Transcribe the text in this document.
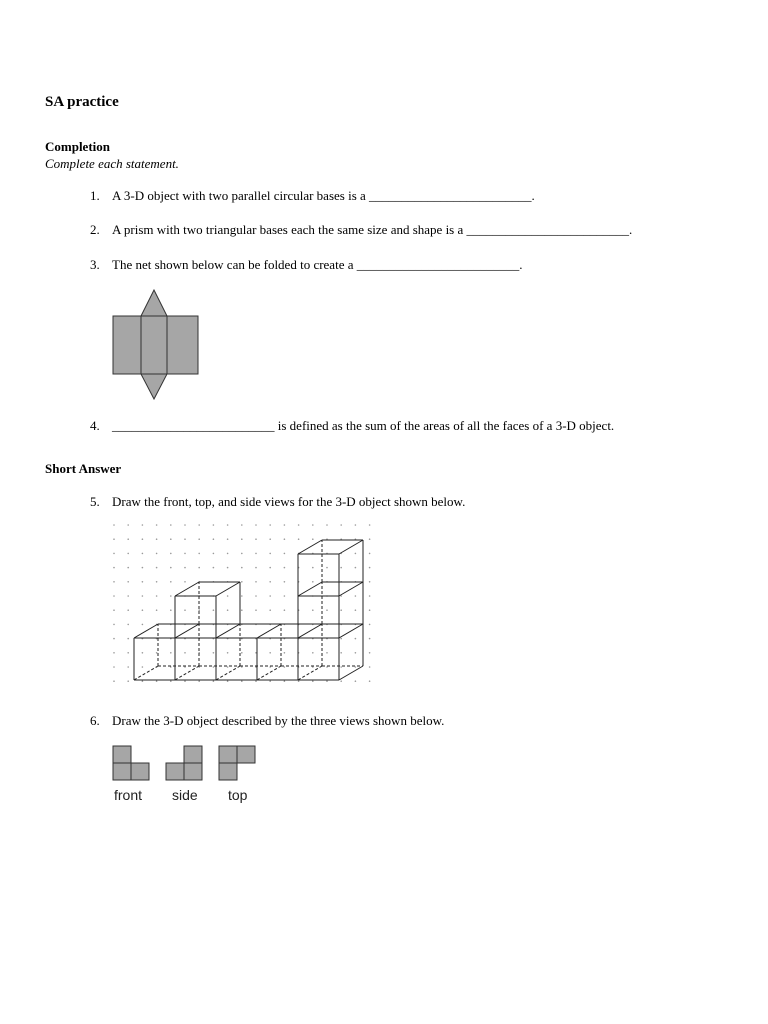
SA practice
Completion
Complete each statement.
1. A 3-D object with two parallel circular bases is a _________________________.
2. A prism with two triangular bases each the same size and shape is a _________________________.
3. The net shown below can be folded to create a _________________________.
4. _________________________ is defined as the sum of the areas of all the faces of a 3-D object.
Short Answer
5. Draw the front, top, and side views for the 3-D object shown below.
6. Draw the 3-D object described by the three views shown below.
front side top
